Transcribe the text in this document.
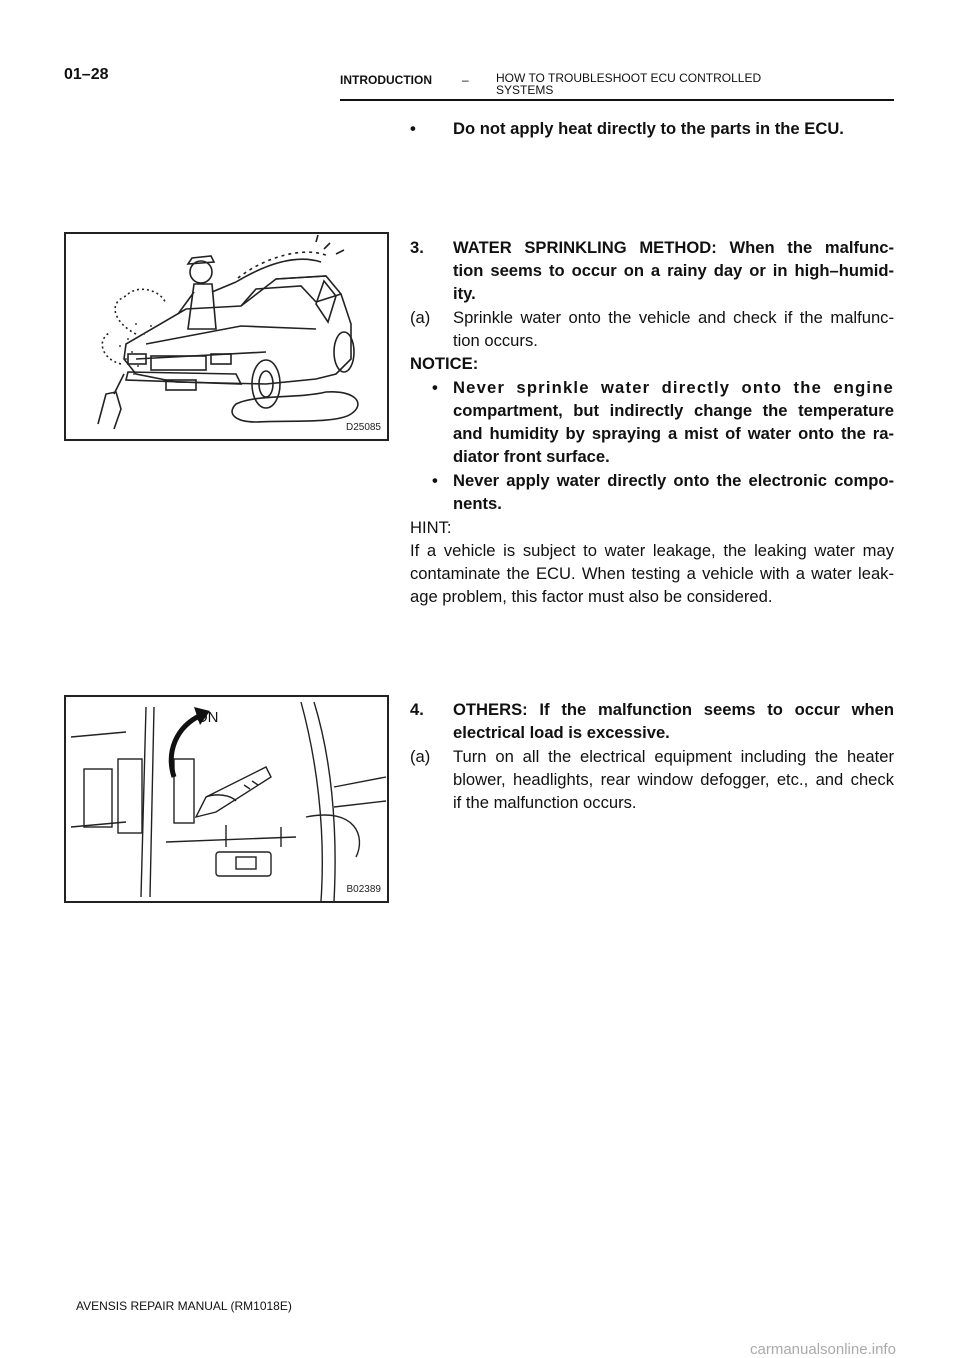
01–28	INTRODUCTION	– HOW TO TROUBLESHOOT ECU CONTROLLED
SYSTEMS
• Do not apply heat directly to the parts in the ECU.
D25085
3. WATER SPRINKLING METHOD: When the malfunc-
tion seems to occur on a rainy day or in high–humid-
ity.
(a) Sprinkle water onto the vehicle and check if the malfunc-
tion occurs.
NOTICE:
• Never sprinkle water directly onto the engine
compartment, but indirectly change the temperature
and humidity by spraying a mist of water onto the ra-
diator front surface.
• Never apply water directly onto the electronic compo-
nents.
HINT:
If a vehicle is subject to water leakage, the leaking water may
contaminate the ECU. When testing a vehicle with a water leak-
age problem, this factor must also be considered.
ON
B02389
4. OTHERS: If the malfunction seems to occur when
electrical load is excessive.
(a) Turn on all the electrical equipment including the heater
blower, headlights, rear window defogger, etc., and check
if the malfunction occurs.
AVENSIS REPAIR MANUAL (RM1018E)
carmanualsonline.info
